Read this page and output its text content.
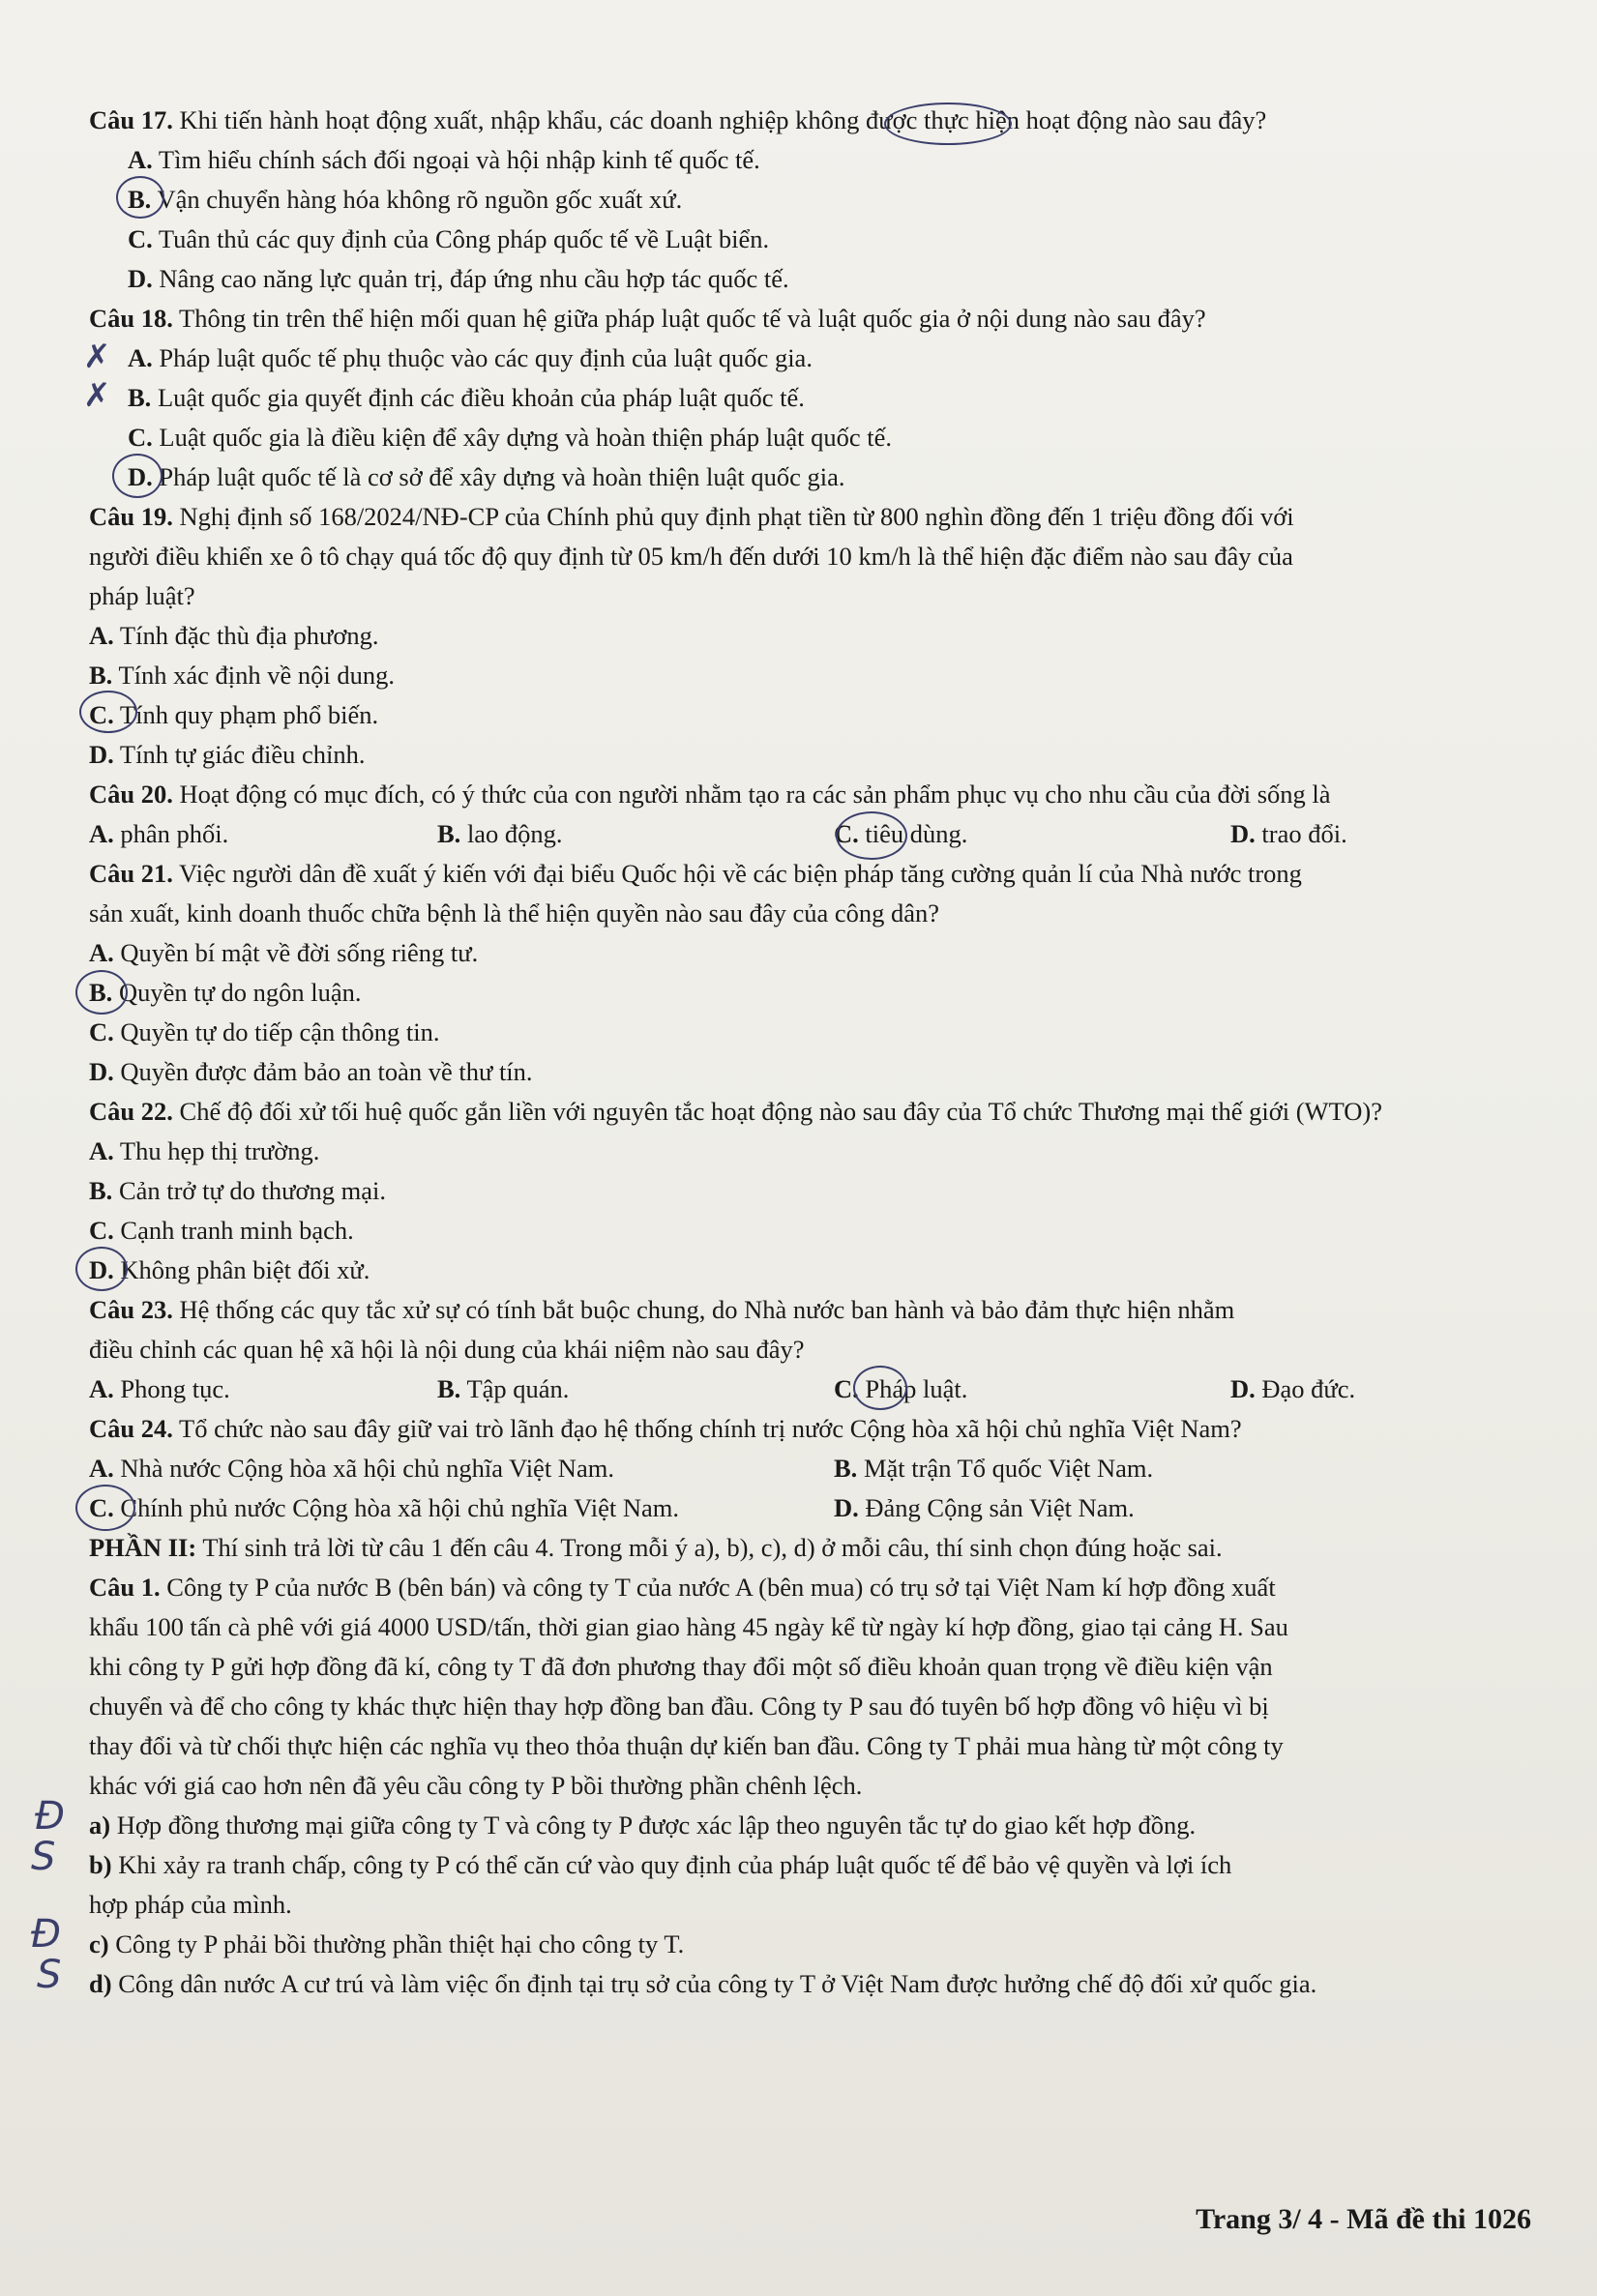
Câu 17. Khi tiến hành hoạt động xuất, nhập khẩu, các doanh nghiệp không được thực hiện hoạt động nào sau đây?
A. Tìm hiểu chính sách đối ngoại và hội nhập kinh tế quốc tế.
B. Vận chuyển hàng hóa không rõ nguồn gốc xuất xứ.
C. Tuân thủ các quy định của Công pháp quốc tế về Luật biển.
D. Nâng cao năng lực quản trị, đáp ứng nhu cầu hợp tác quốc tế.
Câu 18. Thông tin trên thể hiện mối quan hệ giữa pháp luật quốc tế và luật quốc gia ở nội dung nào sau đây?
A. Pháp luật quốc tế phụ thuộc vào các quy định của luật quốc gia.
B. Luật quốc gia quyết định các điều khoản của pháp luật quốc tế.
C. Luật quốc gia là điều kiện để xây dựng và hoàn thiện pháp luật quốc tế.
D. Pháp luật quốc tế là cơ sở để xây dựng và hoàn thiện luật quốc gia.
✗
✗
Câu 19. Nghị định số 168/2024/NĐ-CP của Chính phủ quy định phạt tiền từ 800 nghìn đồng đến 1 triệu đồng đối với
người điều khiển xe ô tô chạy quá tốc độ quy định từ 05 km/h đến dưới 10 km/h là thể hiện đặc điểm nào sau đây của
pháp luật?
A. Tính đặc thù địa phương.
B. Tính xác định về nội dung.
C. Tính quy phạm phổ biến.
D. Tính tự giác điều chỉnh.
Câu 20. Hoạt động có mục đích, có ý thức của con người nhằm tạo ra các sản phẩm phục vụ cho nhu cầu của đời sống là
A. phân phối.	B. lao động.	C. tiêu dùng.	D. trao đổi.
Câu 21. Việc người dân đề xuất ý kiến với đại biểu Quốc hội về các biện pháp tăng cường quản lí của Nhà nước trong
sản xuất, kinh doanh thuốc chữa bệnh là thể hiện quyền nào sau đây của công dân?
A. Quyền bí mật về đời sống riêng tư.
B. Quyền tự do ngôn luận.
C. Quyền tự do tiếp cận thông tin.
D. Quyền được đảm bảo an toàn về thư tín.
Câu 22. Chế độ đối xử tối huệ quốc gắn liền với nguyên tắc hoạt động nào sau đây của Tổ chức Thương mại thế giới (WTO)?
A. Thu hẹp thị trường.
B. Cản trở tự do thương mại.
C. Cạnh tranh minh bạch.
D. Không phân biệt đối xử.
Câu 23. Hệ thống các quy tắc xử sự có tính bắt buộc chung, do Nhà nước ban hành và bảo đảm thực hiện nhằm
điều chỉnh các quan hệ xã hội là nội dung của khái niệm nào sau đây?
A. Phong tục.	B. Tập quán.	C. Pháp luật.	D. Đạo đức.
Câu 24. Tổ chức nào sau đây giữ vai trò lãnh đạo hệ thống chính trị nước Cộng hòa xã hội chủ nghĩa Việt Nam?
A. Nhà nước Cộng hòa xã hội chủ nghĩa Việt Nam.	B. Mặt trận Tổ quốc Việt Nam.
C. Chính phủ nước Cộng hòa xã hội chủ nghĩa Việt Nam.	D. Đảng Cộng sản Việt Nam.
PHẦN II: Thí sinh trả lời từ câu 1 đến câu 4. Trong mỗi ý a), b), c), d) ở mỗi câu, thí sinh chọn đúng hoặc sai.
Câu 1. Công ty P của nước B (bên bán) và công ty T của nước A (bên mua) có trụ sở tại Việt Nam kí hợp đồng xuất
khẩu 100 tấn cà phê với giá 4000 USD/tấn, thời gian giao hàng 45 ngày kể từ ngày kí hợp đồng, giao tại cảng H. Sau
khi công ty P gửi hợp đồng đã kí, công ty T đã đơn phương thay đổi một số điều khoản quan trọng về điều kiện vận
chuyển và để cho công ty khác thực hiện thay hợp đồng ban đầu. Công ty P sau đó tuyên bố hợp đồng vô hiệu vì bị
thay đổi và từ chối thực hiện các nghĩa vụ theo thỏa thuận dự kiến ban đầu. Công ty T phải mua hàng từ một công ty
khác với giá cao hơn nên đã yêu cầu công ty P bồi thường phần chênh lệch.
a) Hợp đồng thương mại giữa công ty T và công ty P được xác lập theo nguyên tắc tự do giao kết hợp đồng.
b) Khi xảy ra tranh chấp, công ty P có thể căn cứ vào quy định của pháp luật quốc tế để bảo vệ quyền và lợi ích
hợp pháp của mình.
c) Công ty P phải bồi thường phần thiệt hại cho công ty T.
d) Công dân nước A cư trú và làm việc ổn định tại trụ sở của công ty T ở Việt Nam được hưởng chế độ đối xử quốc gia.
Đ
S
Đ
S
Trang 3/ 4 - Mã đề thi 1026
